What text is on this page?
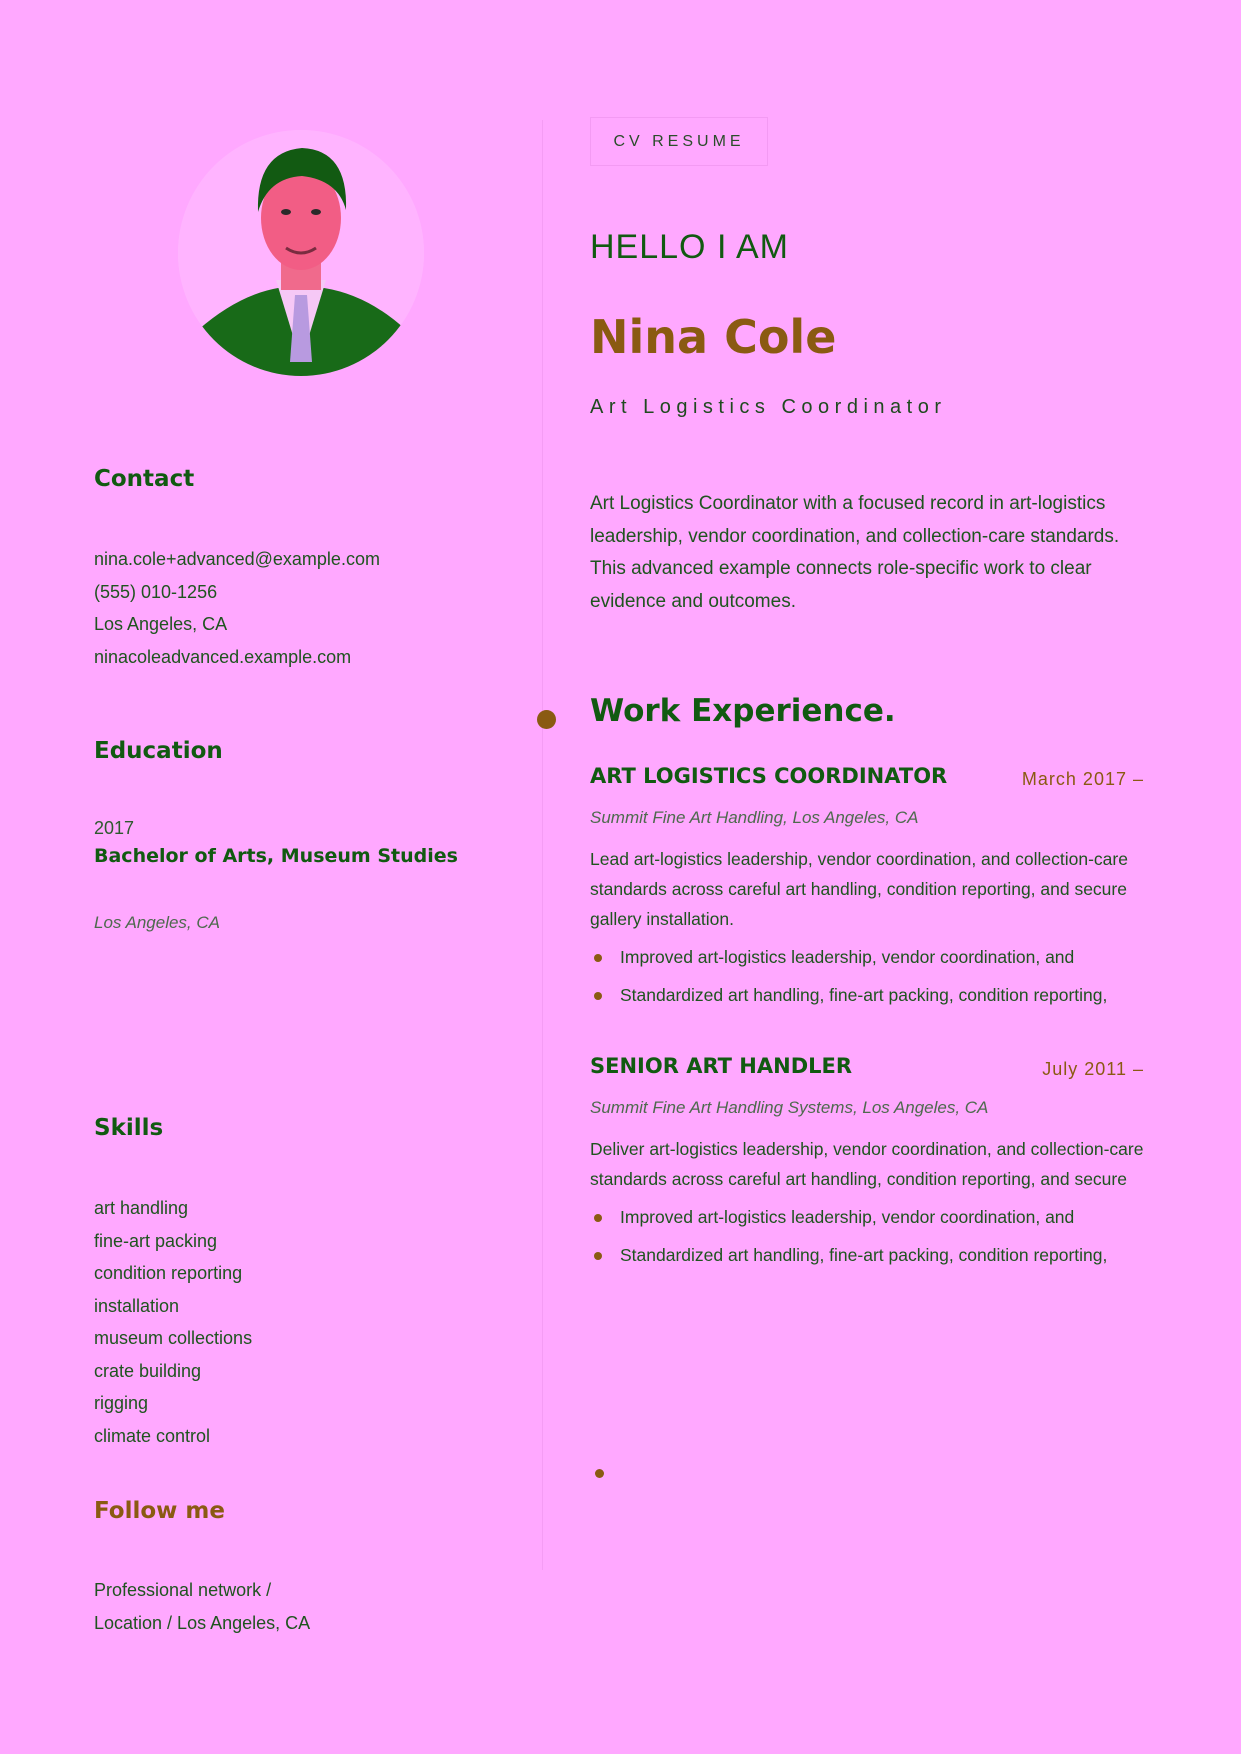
Contact
nina.cole+advanced@example.com
(555) 010-1256
Los Angeles, CA
ninacoleadvanced.example.com
Education
2017
Bachelor of Arts, Museum Studies
Los Angeles, CA
Skills
art handling
fine-art packing
condition reporting
installation
museum collections
crate building
rigging
climate control
Follow me
Professional network /
Location / Los Angeles, CA
CV RESUME
HELLO I AM
Nina Cole
Art Logistics Coordinator
Art Logistics Coordinator with a focused record in art-logistics leadership, vendor coordination, and collection-care standards. This advanced example connects role-specific work to clear evidence and outcomes.
Work Experience.
ART LOGISTICS COORDINATOR	March 2017 –
Summit Fine Art Handling, Los Angeles, CA
Lead art-logistics leadership, vendor coordination, and collection-care standards across careful art handling, condition reporting, and secure gallery installation.
Improved art-logistics leadership, vendor coordination, and
Standardized art handling, fine-art packing, condition reporting,
SENIOR ART HANDLER	July 2011 –
Summit Fine Art Handling Systems, Los Angeles, CA
Deliver art-logistics leadership, vendor coordination, and collection-care standards across careful art handling, condition reporting, and secure
Improved art-logistics leadership, vendor coordination, and
Standardized art handling, fine-art packing, condition reporting,
